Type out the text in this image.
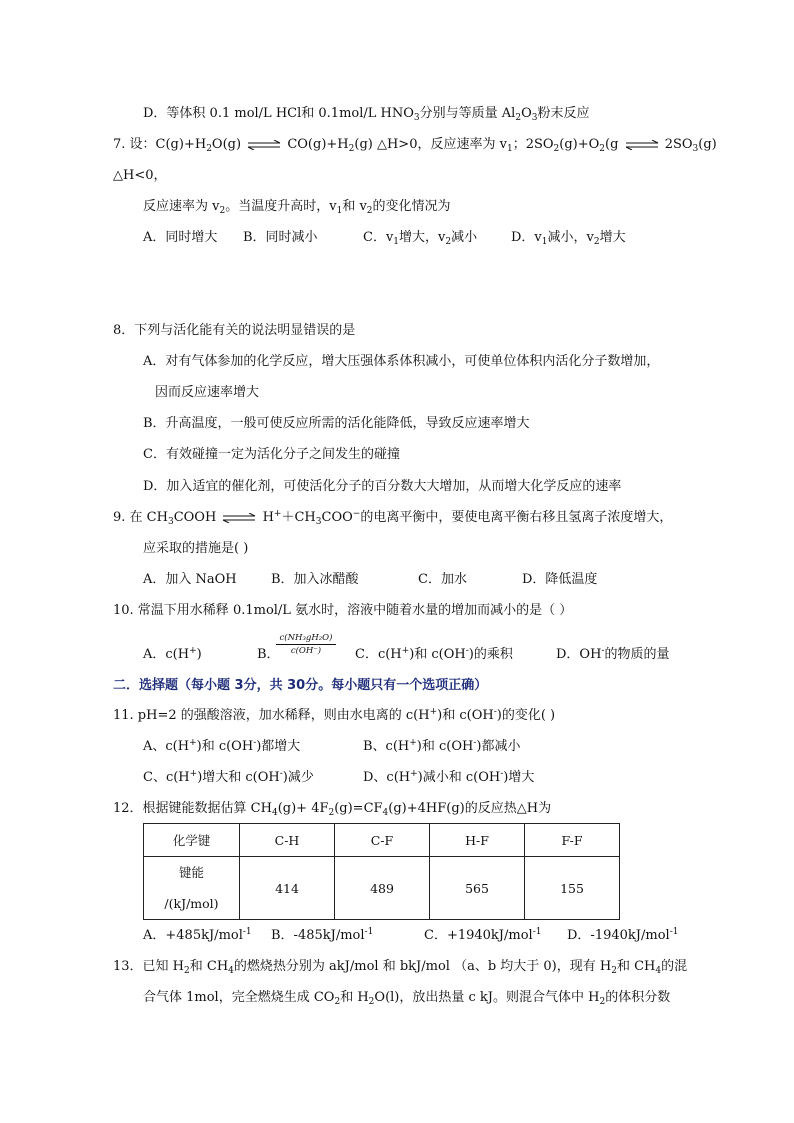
D．等体积 0.1 mol/L HCl和 0.1mol/L $HNO_3$分别与等质量 $Al_2O_3$粉末反应
7. 设：$C(g)+H_2O(g)$ ⇌ $CO(g)+H_2(g)$ △H>0，反应速率为 $v_1$；$2SO_2(g)+O_2(g$ ⇌ $2SO_3(g)$
△H<0，
反应速率为 $v_2$。当温度升高时，$v_1$和 $v_2$的变化情况为
A．同时增大 B．同时减小	C．$v_1$增大，$v_2$减小	D．$v_1$减小，$v_2$增大
8．下列与活化能有关的说法明显错误的是
A．对有气体参加的化学反应，增大压强体系体积减小，可使单位体积内活化分子数增加，
因而反应速率增大
B．升高温度，一般可使反应所需的活化能降低，导致反应速率增大
C．有效碰撞一定为活化分子之间发生的碰撞
D．加入适宜的催化剂，可使活化分子的百分数大大增加，从而增大化学反应的速率
9. 在 $CH_3COOH$ ⇌ $H^++CH_3COO^-$的电离平衡中，要使电离平衡右移且氢离子浓度增大，
应采取的措施是( )
A．加入 NaOH	B．加入冰醋酸	C．加水	D．降低温度
10. 常温下用水稀释 0.1mol/L 氨水时，溶液中随着水量的增加而减小的是（ ）
A．c(H+)	B．
c(NH₃gH₂O)
c(OH⁻)	C．c(H+)和 c(OH-)的乘积	D．OH-的物质的量
二．选择题（每小题 3分，共 30分。每小题只有一个选项正确）
11. pH=2 的强酸溶液，加水稀释，则由水电离的 c(H+)和 c(OH-)的变化( )
A、c(H+)和 c(OH-)都增大	B、c(H+)和 c(OH-)都减小
C、c(H+)增大和 c(OH-)减少	D、c(H+)减小和 c(OH-)增大
12．根据键能数据估算 $CH_4(g)+ 4F_2(g)=CF_4(g)+4HF(g)$的反应热△H为
化学键	C-H	C-F	H-F	F-F

键能
/(kJ/mol)	414	489	565	155
A．+485kJ/mol$^{-1}$ B．-485kJ/mol$^{-1}$	C．+1940kJ/mol$^{-1}$ D．-1940kJ/mol$^{-1}$
13．已知 $H_2$和 $CH_4$的燃烧热分别为 akJ/mol 和 bkJ/mol （a、b 均大于 0)，现有 $H_2$和 $CH_4$的混
合气体 1mol，完全燃烧生成 $CO_2$和 $H_2O(l)$，放出热量 c kJ。则混合气体中 $H_2$的体积分数
